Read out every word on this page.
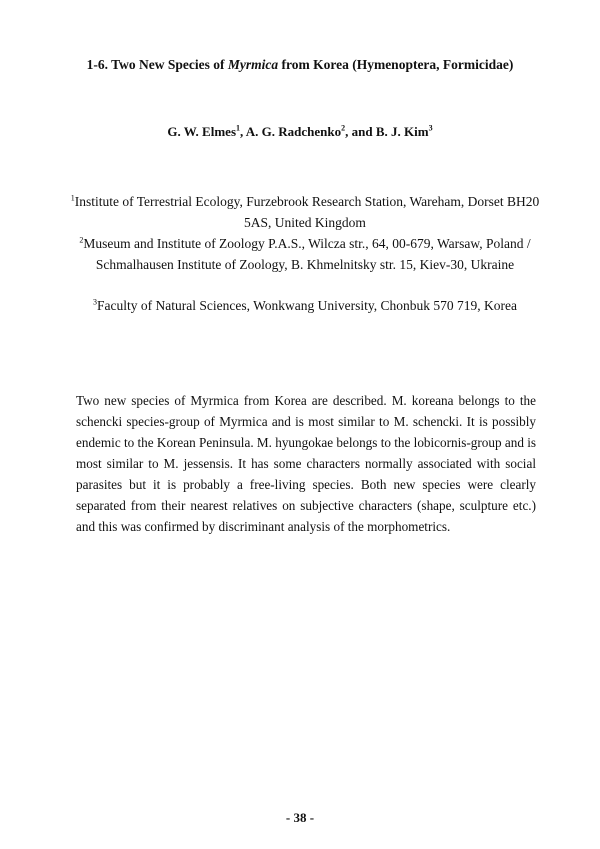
1-6. Two New Species of Myrmica from Korea (Hymenoptera, Formicidae)
G. W. Elmes$^1$, A. G. Radchenko$^2$, and B. J. Kim$^3$
$^1$Institute of Terrestrial Ecology, Furzebrook Research Station, Wareham, Dorset BH20 5AS, United Kingdom
$^2$Museum and Institute of Zoology P.A.S., Wilcza str., 64, 00-679, Warsaw, Poland / Schmalhausen Institute of Zoology, B. Khmelnitsky str. 15, Kiev-30, Ukraine
$^3$Faculty of Natural Sciences, Wonkwang University, Chonbuk 570 719, Korea

Two new species of Myrmica from Korea are described. M. koreana belongs to the schencki species-group of Myrmica and is most similar to M. schencki. It is possibly endemic to the Korean Peninsula. M. hyungokae belongs to the lobicornis-group and is most similar to M. jessensis. It has some characters normally associated with social parasites but it is probably a free-living species. Both new species were clearly separated from their nearest relatives on subjective characters (shape, sculpture etc.) and this was confirmed by discriminant analysis of the morphometrics.

- 38 -
